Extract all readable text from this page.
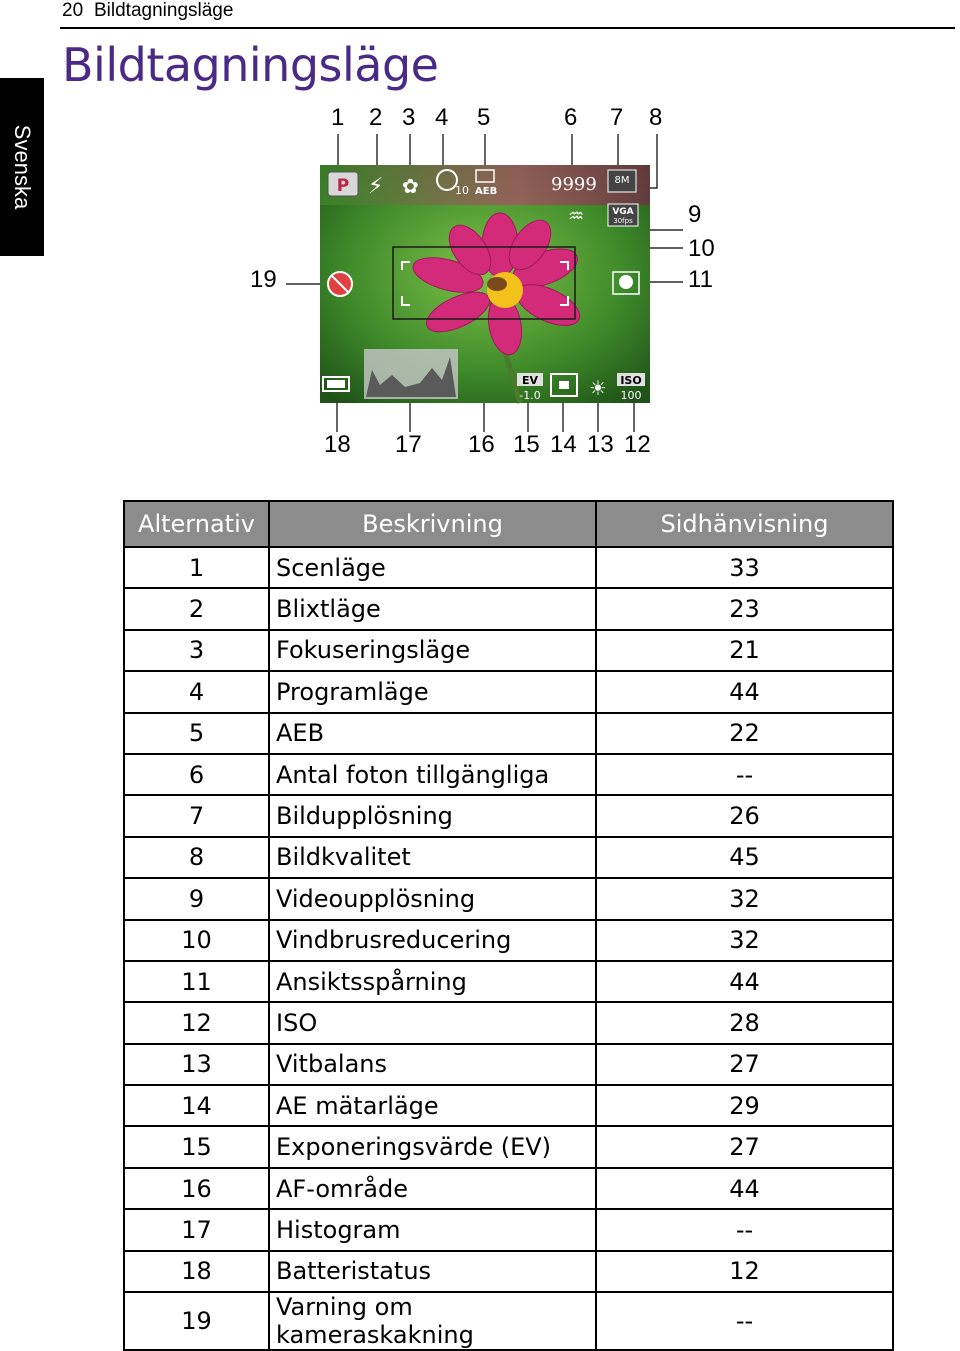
20 Bildtagningsläge
Svenska
Bildtagningsläge
P ⚡ ✿	10 AEB	9999 8M
♒	VGA
30fps
EV
-1.0 ☀ ISO
100
1 2 3 4 5	6 7 8
9
10
11
12
13
14
15
16
17
18
19
Alternativ	Beskrivning	Sidhänvisning
1	Scenläge	33
2	Blixtläge	23
3	Fokuseringsläge	21
4	Programläge	44
5	AEB	22
6	Antal foton tillgängliga	--
7	Bildupplösning	26
8	Bildkvalitet	45
9	Videoupplösning	32
10	Vindbrusreducering	32
11	Ansiktsspårning	44
12	ISO	28
13	Vitbalans	27
14	AE mätarläge	29
15	Exponeringsvärde (EV)	27
16	AF-område	44
17	Histogram	--
18	Batteristatus	12
19	Varning om kameraskakning	--
